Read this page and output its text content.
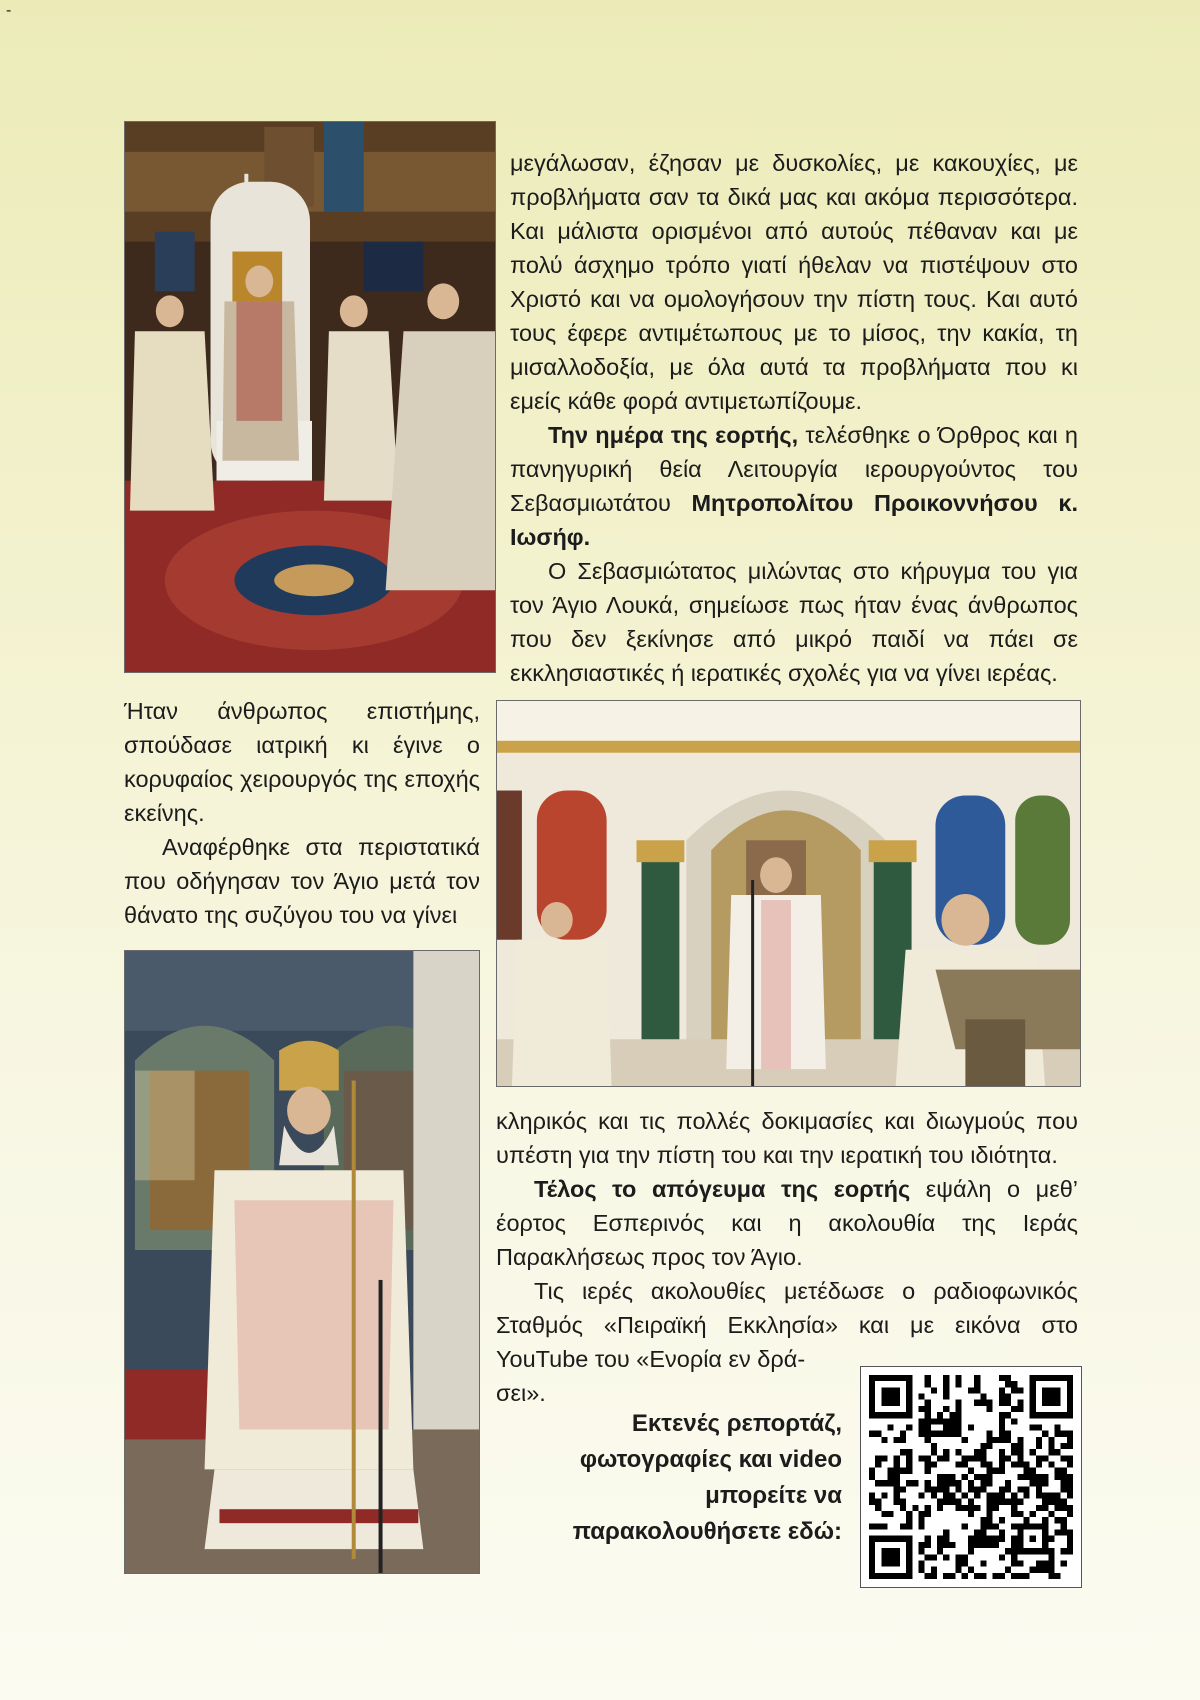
-

μεγάλωσαν, έζησαν με δυσκολίες, με κακουχίες, με προβλήματα σαν τα δικά μας και ακόμα περισσότερα. Και μάλιστα ορισμένοι από αυτούς πέθαναν και με πολύ άσχημο τρόπο γιατί ήθελαν να πιστέψουν στο Χριστό και να ομολογήσουν την πίστη τους. Και αυτό τους έφερε αντιμέτωπους με το μίσος, την κακία, τη μισαλλοδοξία, με όλα αυτά τα προβλήματα που κι εμείς κάθε φορά αντιμετωπίζουμε.

Την ημέρα της εορτής, τελέσθηκε ο Όρθρος και η πανηγυρική θεία Λειτουργία ιερουργούντος του Σεβασμιωτάτου Μητροπολίτου Προικοννήσου κ. Ιωσήφ.

Ο Σεβασμιώτατος μιλώντας στο κήρυγμα του για τον Άγιο Λουκά, σημείωσε πως ήταν ένας άνθρωπος που δεν ξεκίνησε από μικρό παιδί να πάει σε εκκλησιαστικές ή ιερατικές σχολές για να γίνει ιερέας.

Ήταν άνθρωπος επιστήμης, σπούδασε ιατρική κι έγινε ο κορυφαίος χειρουργός της εποχής εκείνης.

Αναφέρθηκε στα περιστατικά που οδήγησαν τον Άγιο μετά τον θάνατο της συζύγου του να γίνει

κληρικός και τις πολλές δοκιμασίες και διωγμούς που υπέστη για την πίστη του και την ιερατική του ιδιότητα.

Τέλος το απόγευμα της εορτής εψάλη ο μεθ’ έορτος Εσπερινός και η ακολουθία της Ιεράς Παρακλήσεως προς τον Άγιο.

Τις ιερές ακολουθίες μετέδωσε ο ραδιοφωνικός Σταθμός «Πειραϊκή Εκκλησία» και με εικόνα στο YouTube του «Ενορία εν δρά-

σει».

Εκτενές ρεπορτάζ,
φωτογραφίες και video
μπορείτε να
παρακολουθήσετε εδώ:
